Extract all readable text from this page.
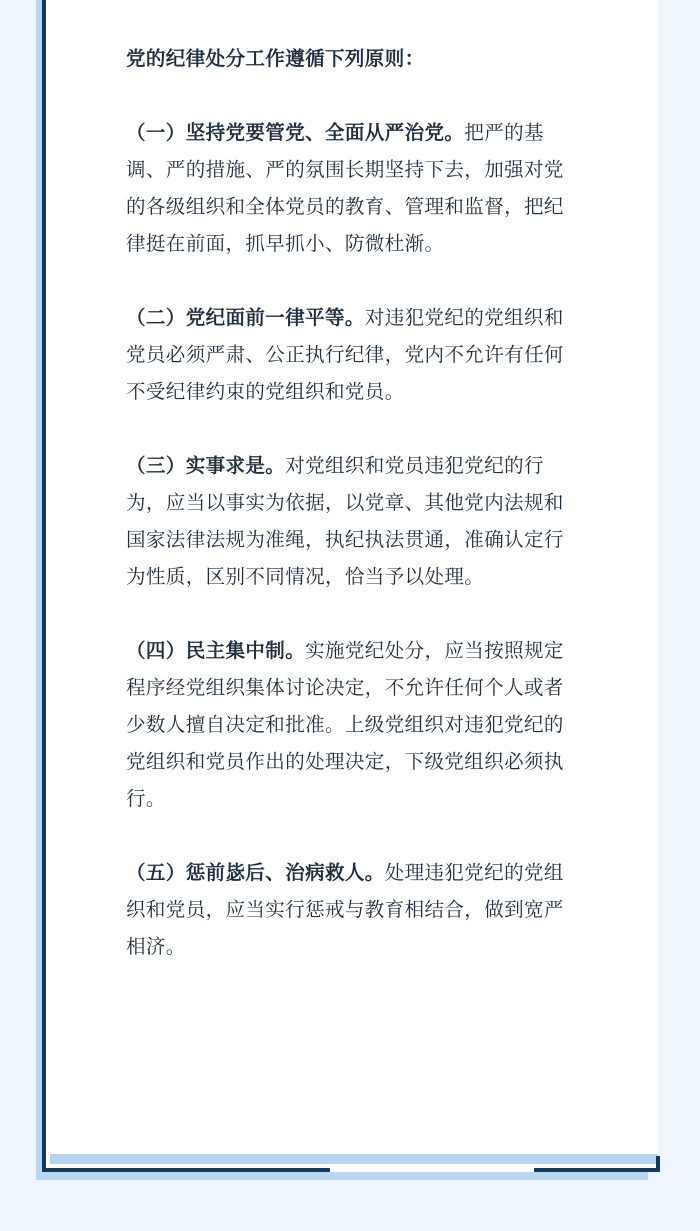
党的纪律处分工作遵循下列原则：

（一）坚持党要管党、全面从严治党。把严的基调、严的措施、严的氛围长期坚持下去，加强对党的各级组织和全体党员的教育、管理和监督，把纪律挺在前面，抓早抓小、防微杜渐。

（二）党纪面前一律平等。对违犯党纪的党组织和党员必须严肃、公正执行纪律，党内不允许有任何不受纪律约束的党组织和党员。

（三）实事求是。对党组织和党员违犯党纪的行为，应当以事实为依据，以党章、其他党内法规和国家法律法规为准绳，执纪执法贯通，准确认定行为性质，区别不同情况，恰当予以处理。

（四）民主集中制。实施党纪处分，应当按照规定程序经党组织集体讨论决定，不允许任何个人或者少数人擅自决定和批准。上级党组织对违犯党纪的党组织和党员作出的处理决定，下级党组织必须执行。

（五）惩前毖后、治病救人。处理违犯党纪的党组织和党员，应当实行惩戒与教育相结合，做到宽严相济。
